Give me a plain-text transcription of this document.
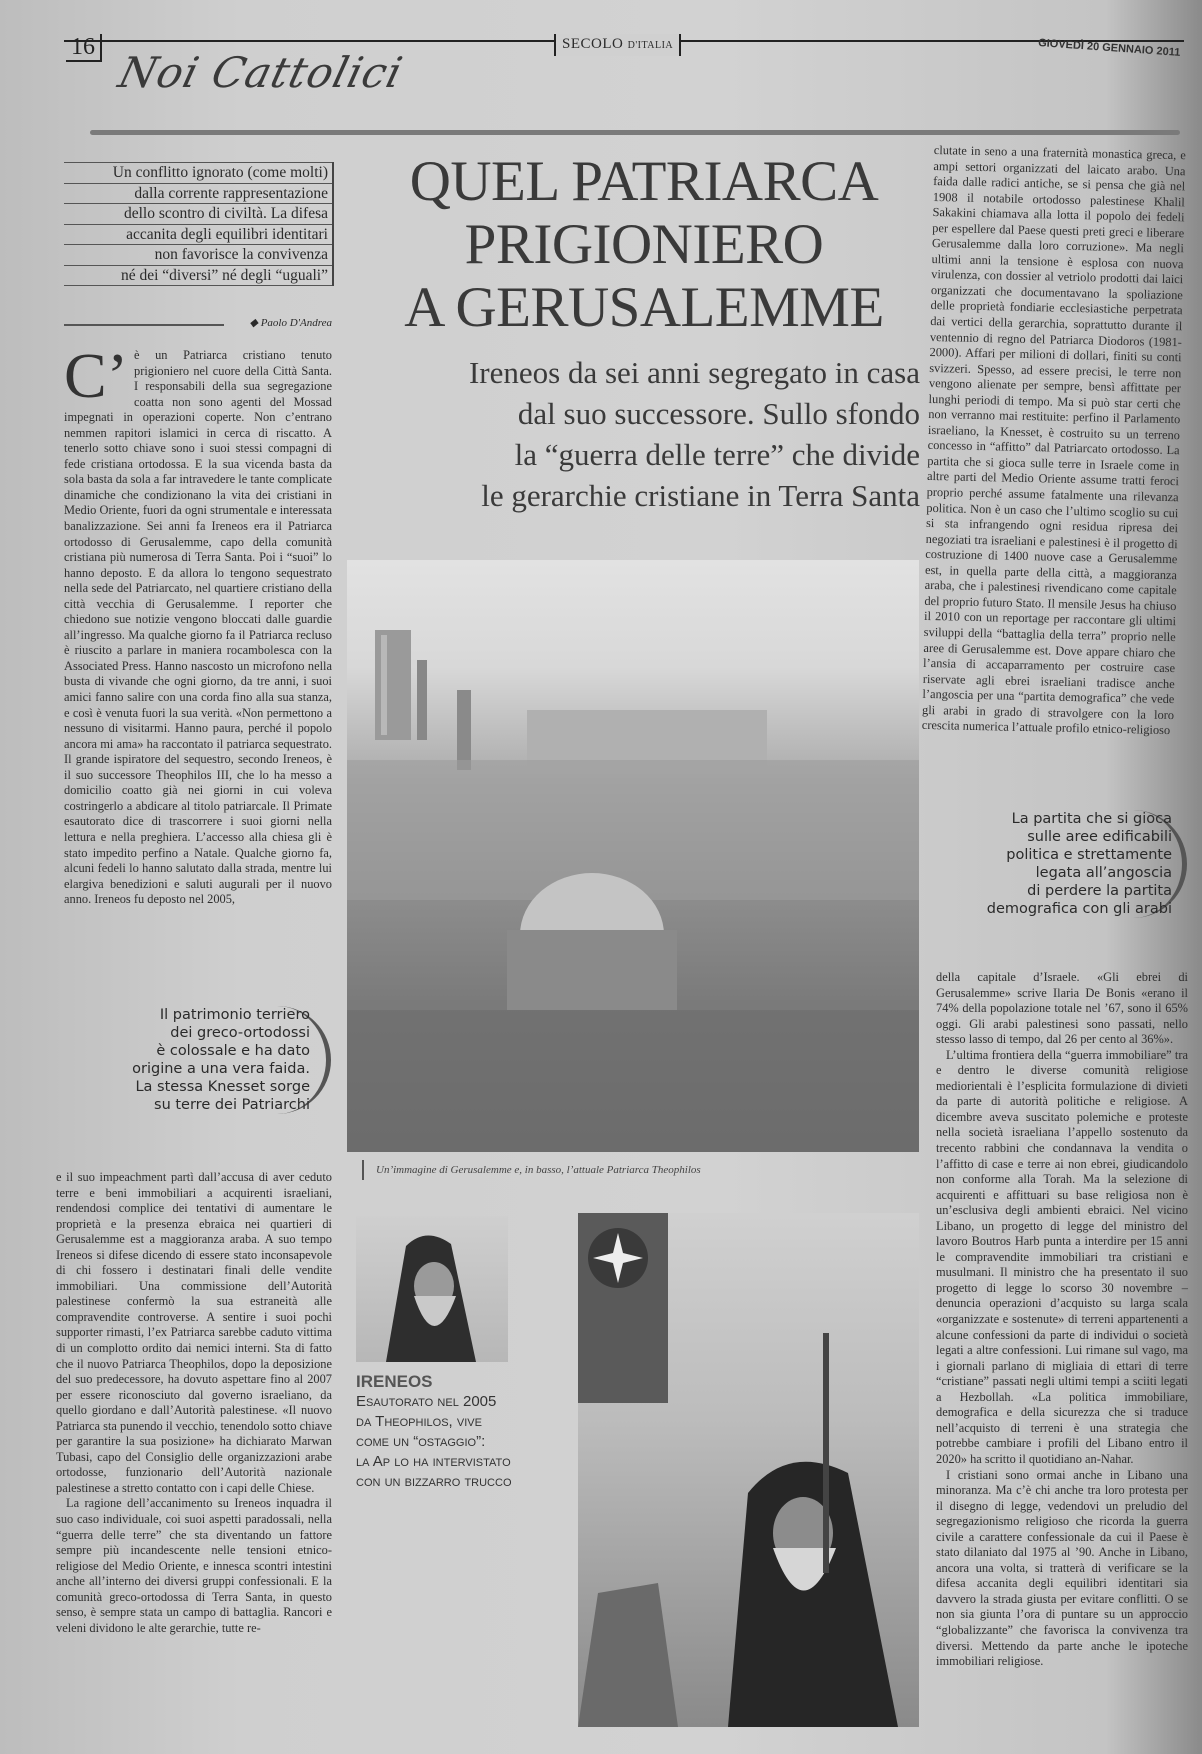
16	SECOLO D'ITALIA	GIOVEDÌ 20 GENNAIO 2011
Noi Cattolici
Un conflitto ignorato (come molti)
dalla corrente rappresentazione
dello scontro di civiltà. La difesa
accanita degli equilibri identitari
non favorisce la convivenza
né dei “diversi” né degli “uguali”
◆ Paolo D'Andrea
C’ è un Patriarca cristiano tenuto prigioniero nel cuore della Città Santa. I responsabili della sua segregazione coatta non sono agenti del Mossad impegnati in operazioni coperte. Non c’entrano nemmen rapitori islamici in cerca di riscatto. A tenerlo sotto chiave sono i suoi stessi compagni di fede cristiana ortodossa. E la sua vicenda basta da sola basta da sola a far intravedere le tante complicate dinamiche che condizionano la vita dei cristiani in Medio Oriente, fuori da ogni strumentale e interessata banalizzazione. Sei anni fa Ireneos era il Patriarca ortodosso di Gerusalemme, capo della comunità cristiana più numerosa di Terra Santa. Poi i “suoi” lo hanno deposto. E da allora lo tengono sequestrato nella sede del Patriarcato, nel quartiere cristiano della città vecchia di Gerusalemme. I reporter che chiedono sue notizie vengono bloccati dalle guardie all’ingresso. Ma qualche giorno fa il Patriarca recluso è riuscito a parlare in maniera rocambolesca con la Associated Press. Hanno nascosto un microfono nella busta di vivande che ogni giorno, da tre anni, i suoi amici fanno salire con una corda fino alla sua stanza, e così è venuta fuori la sua verità. «Non permettono a nessuno di visitarmi. Hanno paura, perché il popolo ancora mi ama» ha raccontato il patriarca sequestrato. Il grande ispiratore del sequestro, secondo Ireneos, è il suo successore Theophilos III, che lo ha messo a domicilio coatto già nei giorni in cui voleva costringerlo a abdicare al titolo patriarcale. Il Primate esautorato dice di trascorrere i suoi giorni nella lettura e nella preghiera. L’accesso alla chiesa gli è stato impedito perfino a Natale. Qualche giorno fa, alcuni fedeli lo hanno salutato dalla strada, mentre lui elargiva benedizioni e saluti augurali per il nuovo anno. Ireneos fu deposto nel 2005,

Il patrimonio terriero
dei greco-ortodossi
è colossale e ha dato
origine a una vera faida.
La stessa Knesset sorge
su terre dei Patriarchi

e il suo impeachment partì dall’accusa di aver ceduto terre e beni immobiliari a acquirenti israeliani, rendendosi complice dei tentativi di aumentare le proprietà e la presenza ebraica nei quartieri di Gerusalemme est a maggioranza araba. A suo tempo Ireneos si difese dicendo di essere stato inconsapevole di chi fossero i destinatari finali delle vendite immobiliari. Una commissione dell’Autorità palestinese confermò la sua estraneità alle compravendite controverse. A sentire i suoi pochi supporter rimasti, l’ex Patriarca sarebbe caduto vittima di un complotto ordito dai nemici interni. Sta di fatto che il nuovo Patriarca Theophilos, dopo la deposizione del suo predecessore, ha dovuto aspettare fino al 2007 per essere riconosciuto dal governo israeliano, da quello giordano e dall’Autorità palestinese. «Il nuovo Patriarca sta punendo il vecchio, tenendolo sotto chiave per garantire la sua posizione» ha dichiarato Marwan Tubasi, capo del Consiglio delle organizzazioni arabe ortodosse, funzionario dell’Autorità nazionale palestinese a stretto contatto con i capi delle Chiese.

La ragione dell’accanimento su Ireneos inquadra il suo caso individuale, coi suoi aspetti paradossali, nella “guerra delle terre” che sta diventando un fattore sempre più incandescente nelle tensioni etnico-religiose del Medio Oriente, e innesca scontri intestini anche all’interno dei diversi gruppi confessionali. E la comunità greco-ortodossa di Terra Santa, in questo senso, è sempre stata un campo di battaglia. Rancori e veleni dividono le alte gerarchie, tutte re-

QUEL PATRIARCA
PRIGIONIERO
A GERUSALEMME
Ireneos da sei anni segregato in casa
dal suo successore. Sullo sfondo
la “guerra delle terre” che divide
le gerarchie cristiane in Terra Santa
Un’immagine di Gerusalemme e, in basso, l’attuale Patriarca Theophilos
IRENEOS
Esautorato nel 2005
da Theophilos, vive
come un “ostaggio”:
la Ap lo ha intervistato
con un bizzarro trucco

clutate in seno a una fraternità monastica greca, e ampi settori organizzati del laicato arabo. Una faida dalle radici antiche, se si pensa che già nel 1908 il notabile ortodosso palestinese Khalil Sakakini chiamava alla lotta il popolo dei fedeli per espellere dal Paese questi preti greci e liberare Gerusalemme dalla loro corruzione». Ma negli ultimi anni la tensione è esplosa con nuova virulenza, con dossier al vetriolo prodotti dai laici organizzati che documentavano la spoliazione delle proprietà fondiarie ecclesiastiche perpetrata dai vertici della gerarchia, soprattutto durante il ventennio di regno del Patriarca Diodoros (1981-2000). Affari per milioni di dollari, finiti su conti svizzeri. Spesso, ad essere precisi, le terre non vengono alienate per sempre, bensì affittate per lunghi periodi di tempo. Ma si può star certi che non verranno mai restituite: perfino il Parlamento israeliano, la Knesset, è costruito su un terreno concesso in “affitto” dal Patriarcato ortodosso. La partita che si gioca sulle terre in Israele come in altre parti del Medio Oriente assume tratti feroci proprio perché assume fatalmente una rilevanza politica. Non è un caso che l’ultimo scoglio su cui si sta infrangendo ogni residua ripresa dei negoziati tra israeliani e palestinesi è il progetto di costruzione di 1400 nuove case a Gerusalemme est, in quella parte della città, a maggioranza araba, che i palestinesi rivendicano come capitale del proprio futuro Stato. Il mensile Jesus ha chiuso il 2010 con un reportage per raccontare gli ultimi sviluppi della “battaglia della terra” proprio nelle aree di Gerusalemme est. Dove appare chiaro che l’ansia di accaparramento per costruire case riservate agli ebrei israeliani tradisce anche l’angoscia per una “partita demografica” che vede gli arabi in grado di stravolgere con la loro crescita numerica l’attuale profilo etnico-religioso

La partita che si gioca
sulle aree edificabili
politica e strettamente
legata all’angoscia
di perdere la partita
demografica con gli arabi

della capitale d’Israele. «Gli ebrei di Gerusalemme» scrive Ilaria De Bonis «erano il 74% della popolazione totale nel ’67, sono il 65% oggi. Gli arabi palestinesi sono passati, nello stesso lasso di tempo, dal 26 per cento al 36%».

L’ultima frontiera della “guerra immobiliare” tra e dentro le diverse comunità religiose mediorientali è l’esplicita formulazione di divieti da parte di autorità politiche e religiose. A dicembre aveva suscitato polemiche e proteste nella società israeliana l’appello sostenuto da trecento rabbini che condannava la vendita o l’affitto di case e terre ai non ebrei, giudicandolo non conforme alla Torah. Ma la selezione di acquirenti e affittuari su base religiosa non è un’esclusiva degli ambienti ebraici. Nel vicino Libano, un progetto di legge del ministro del lavoro Boutros Harb punta a interdire per 15 anni le compravendite immobiliari tra cristiani e musulmani. Il ministro che ha presentato il suo progetto di legge lo scorso 30 novembre – denuncia operazioni d’acquisto su larga scala «organizzate e sostenute» di terreni appartenenti a alcune confessioni da parte di individui o società legati a altre confessioni. Lui rimane sul vago, ma i giornali parlano di migliaia di ettari di terre “cristiane” passati negli ultimi tempi a sciiti legati a Hezbollah. «La politica immobiliare, demografica e della sicurezza che si traduce nell’acquisto di terreni è una strategia che potrebbe cambiare i profili del Libano entro il 2020» ha scritto il quotidiano an-Nahar.

I cristiani sono ormai anche in Libano una minoranza. Ma c’è chi anche tra loro protesta per il disegno di legge, vedendovi un preludio del segregazionismo religioso che ricorda la guerra civile a carattere confessionale da cui il Paese è stato dilaniato dal 1975 al ’90. Anche in Libano, ancora una volta, si tratterà di verificare se la difesa accanita degli equilibri identitari sia davvero la strada giusta per evitare conflitti. O se non sia giunta l’ora di puntare su un approccio “globalizzante” che favorisca la convivenza tra diversi. Mettendo da parte anche le ipoteche immobiliari religiose.
